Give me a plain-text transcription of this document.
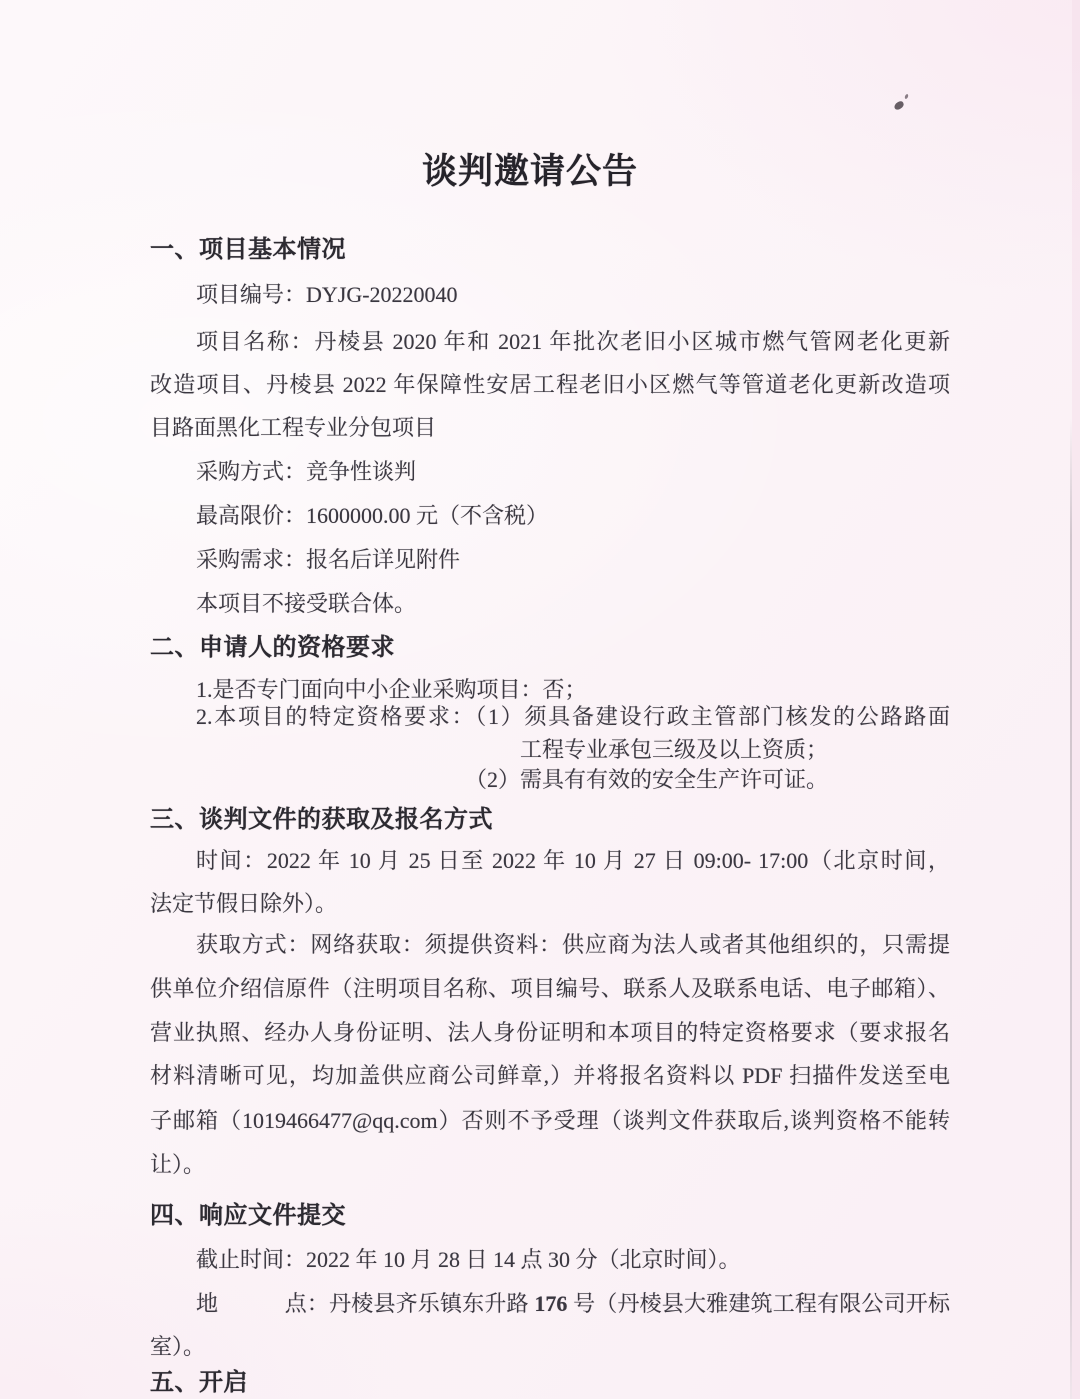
谈判邀请公告
一、项目基本情况
项目编号：DYJG-20220040
项目名称：丹棱县 2020 年和 2021 年批次老旧小区城市燃气管网老化更新
改造项目、丹棱县 2022 年保障性安居工程老旧小区燃气等管道老化更新改造项
目路面黑化工程专业分包项目
采购方式：竞争性谈判
最高限价：1600000.00 元（不含税）
采购需求：报名后详见附件
本项目不接受联合体。
二、申请人的资格要求
1.是否专门面向中小企业采购项目：否；
2.本项目的特定资格要求：（1）须具备建设行政主管部门核发的公路路面
工程专业承包三级及以上资质；
（2）需具有有效的安全生产许可证。
三、谈判文件的获取及报名方式
时间：2022 年 10 月 25 日至 2022 年 10 月 27 日 09:00- 17:00（北京时间，
法定节假日除外）。
获取方式：网络获取：须提供资料：供应商为法人或者其他组织的，只需提
供单位介绍信原件（注明项目名称、项目编号、联系人及联系电话、电子邮箱）、
营业执照、经办人身份证明、法人身份证明和本项目的特定资格要求（要求报名
材料清晰可见，均加盖供应商公司鲜章,）并将报名资料以 PDF 扫描件发送至电
子邮箱（1019466477@qq.com）否则不予受理（谈判文件获取后,谈判资格不能转
让）。
四、响应文件提交
截止时间：2022 年 10 月 28 日 14 点 30 分（北京时间）。
地　　　点：丹棱县齐乐镇东升路 176 号（丹棱县大雅建筑工程有限公司开标
室）。
五、开启
